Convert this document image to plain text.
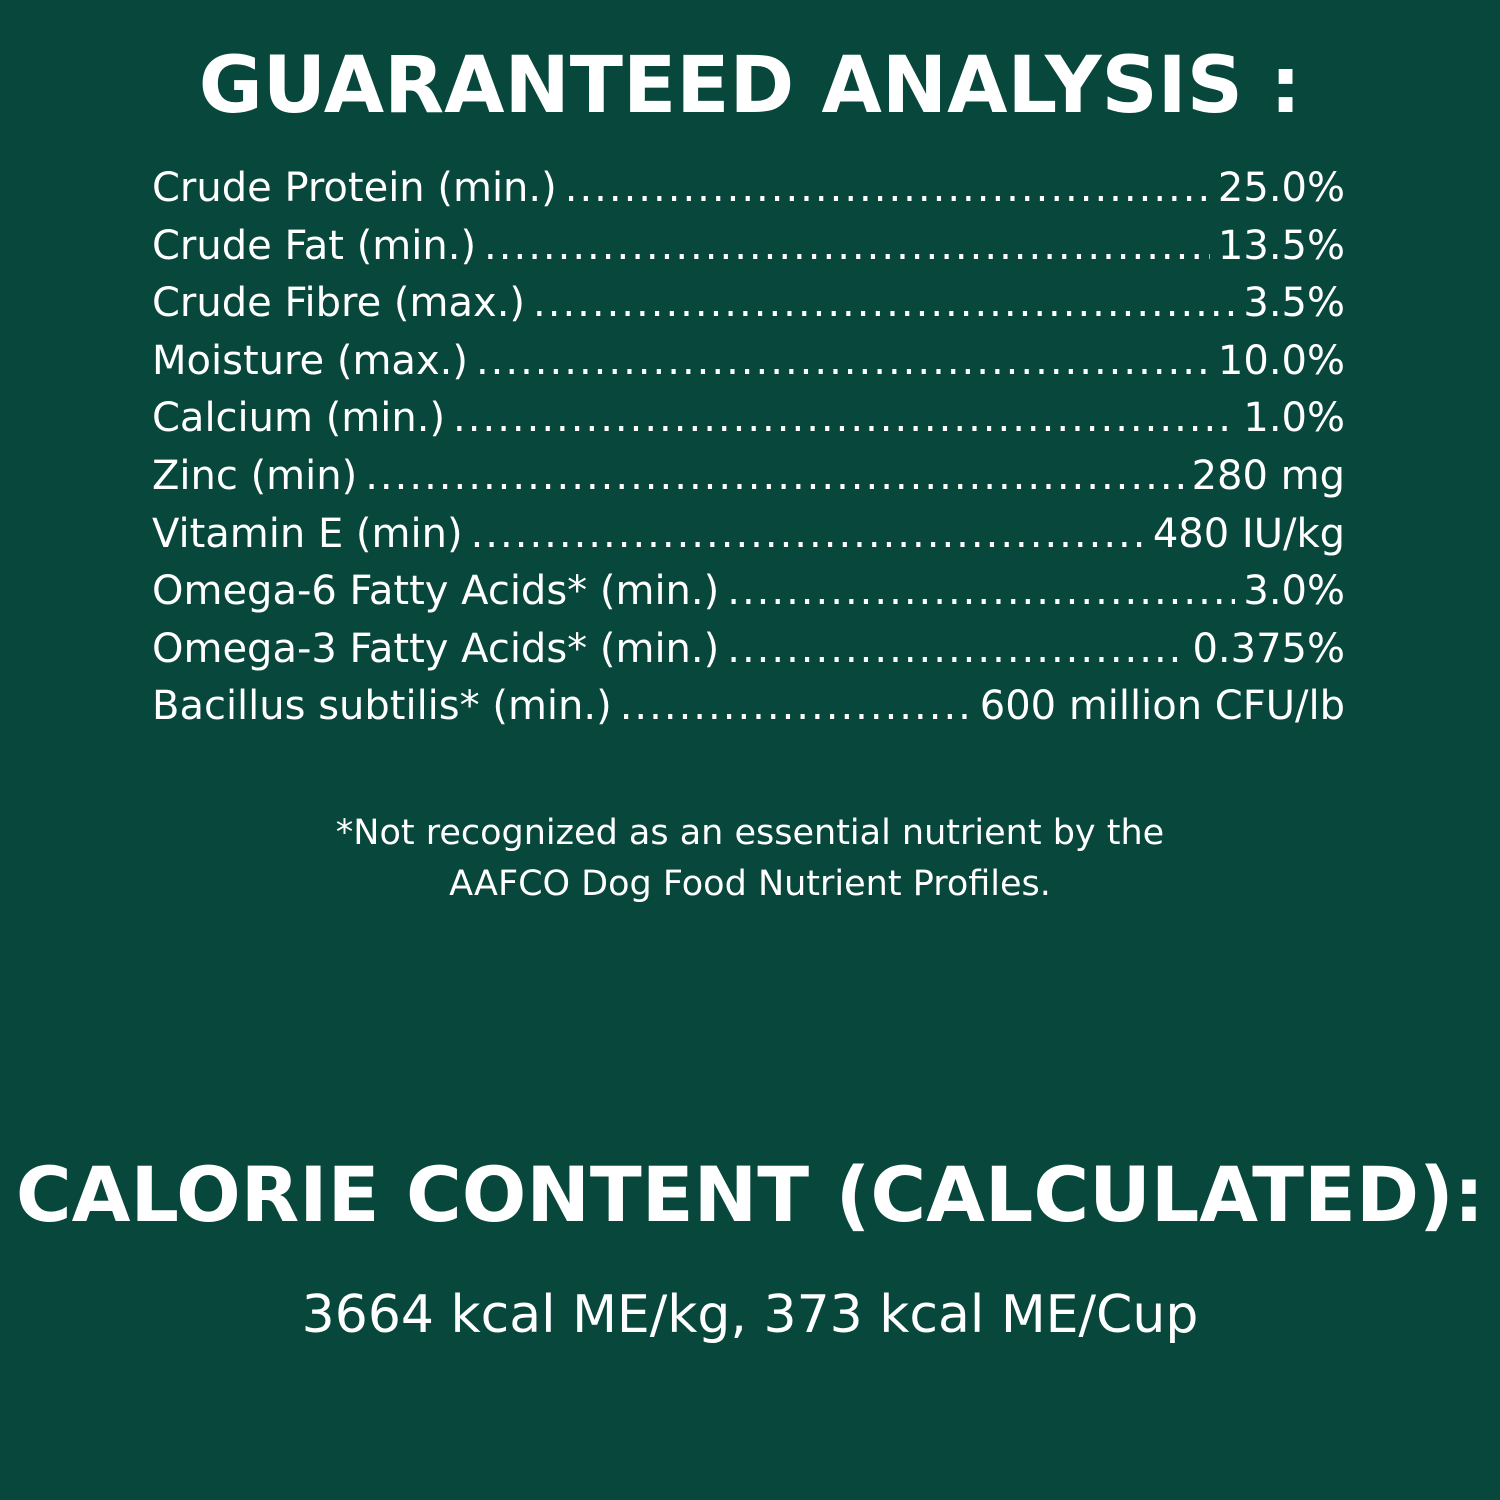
GUARANTEED ANALYSIS :
Crude Protein (min.) .....	25.0%
Crude Fat (min.) .....	13.5%
Crude Fibre (max.) .....	3.5%
Moisture (max.) .....	10.0%
Calcium (min.) .....	1.0%
Zinc (min) .....	280 mg
Vitamin E (min) .....	480 IU/kg
Omega-6 Fatty Acids* (min.) .....	3.0%
Omega-3 Fatty Acids* (min.) .....	0.375%
Bacillus subtilis* (min.) .....	600 million CFU/lb
*Not recognized as an essential nutrient by the
AAFCO Dog Food Nutrient Profiles.
CALORIE CONTENT (CALCULATED):
3664 kcal ME/kg, 373 kcal ME/Cup
